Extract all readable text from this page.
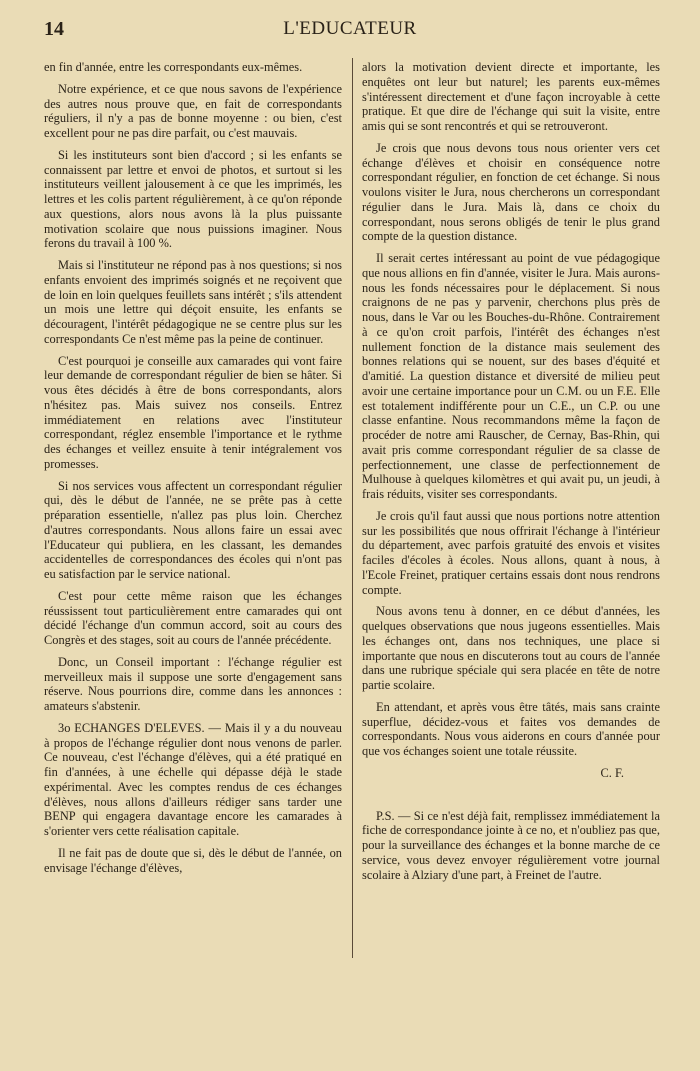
14	L'EDUCATEUR

en fin d'année, entre les correspondants eux-mêmes.

Notre expérience, et ce que nous savons de l'expérience des autres nous prouve que, en fait de correspondants réguliers, il n'y a pas de bonne moyenne : ou bien, c'est excellent pour ne pas dire parfait, ou c'est mauvais.

Si les instituteurs sont bien d'accord ; si les enfants se connaissent par lettre et envoi de photos, et surtout si les instituteurs veillent jalousement à ce que les imprimés, les lettres et les colis partent régulièrement, à ce qu'on réponde aux questions, alors nous avons là la plus puissante motivation scolaire que nous puissions imaginer. Nous ferons du travail à 100 %.

Mais si l'instituteur ne répond pas à nos questions; si nos enfants envoient des imprimés soignés et ne reçoivent que de loin en loin quelques feuillets sans intérêt ; s'ils attendent un mois une lettre qui déçoit ensuite, les enfants se découragent, l'intérêt pédagogique ne se centre plus sur les correspondants Ce n'est même pas la peine de continuer.

C'est pourquoi je conseille aux camarades qui vont faire leur demande de correspondant régulier de bien se hâter. Si vous êtes décidés à être de bons correspondants, alors n'hésitez pas. Mais suivez nos conseils. Entrez immédiatement en relations avec l'instituteur correspondant, réglez ensemble l'importance et le rythme des échanges et veillez ensuite à tenir intégralement vos promesses.

Si nos services vous affectent un correspondant régulier qui, dès le début de l'année, ne se prête pas à cette préparation essentielle, n'allez pas plus loin. Cherchez d'autres correspondants. Nous allons faire un essai avec l'Educateur qui publiera, en les classant, les demandes accidentelles de correspondances des écoles qui n'ont pas eu satisfaction par le service national.

C'est pour cette même raison que les échanges réussissent tout particulièrement entre camarades qui ont décidé l'échange d'un commun accord, soit au cours des Congrès et des stages, soit au cours de l'année précédente.

Donc, un Conseil important : l'échange régulier est merveilleux mais il suppose une sorte d'engagement sans réserve. Nous pourrions dire, comme dans les annonces : amateurs s'abstenir.

3o ECHANGES D'ELEVES. — Mais il y a du nouveau à propos de l'échange régulier dont nous venons de parler. Ce nouveau, c'est l'échange d'élèves, qui a été pratiqué en fin d'années, à une échelle qui dépasse déjà le stade expérimental. Avec les comptes rendus de ces échanges d'élèves, nous allons d'ailleurs rédiger sans tarder une BENP qui engagera davantage encore les camarades à s'orienter vers cette réalisation capitale.

Il ne fait pas de doute que si, dès le début de l'année, on envisage l'échange d'élèves,

alors la motivation devient directe et importante, les enquêtes ont leur but naturel; les parents eux-mêmes s'intéressent directement et d'une façon incroyable à cette pratique. Et que dire de l'échange qui suit la visite, entre amis qui se sont rencontrés et qui se retrouveront.

Je crois que nous devons tous nous orienter vers cet échange d'élèves et choisir en conséquence notre correspondant régulier, en fonction de cet échange. Si nous voulons visiter le Jura, nous chercherons un correspondant régulier dans le Jura. Mais là, dans ce choix du correspondant, nous serons obligés de tenir le plus grand compte de la question distance.

Il serait certes intéressant au point de vue pédagogique que nous allions en fin d'année, visiter le Jura. Mais aurons-nous les fonds nécessaires pour le déplacement. Si nous craignons de ne pas y parvenir, cherchons plus près de nous, dans le Var ou les Bouches-du-Rhône. Contrairement à ce qu'on croit parfois, l'intérêt des échanges n'est nullement fonction de la distance mais seulement des bonnes relations qui se nouent, sur des bases d'équité et d'amitié. La question distance et diversité de milieu peut avoir une certaine importance pour un C.M. ou un F.E. Elle est totalement indifférente pour un C.E., un C.P. ou une classe enfantine. Nous recommandons même la façon de procéder de notre ami Rauscher, de Cernay, Bas-Rhin, qui avait pris comme correspondant régulier de sa classe de perfectionnement, une classe de perfectionnement de Mulhouse à quelques kilomètres et qui avait pu, un jeudi, à frais réduits, visiter ses correspondants.

Je crois qu'il faut aussi que nous portions notre attention sur les possibilités que nous offrirait l'échange à l'intérieur du département, avec parfois gratuité des envois et visites faciles d'écoles à écoles. Nous allons, quant à nous, à l'Ecole Freinet, pratiquer certains essais dont nous rendrons compte.

Nous avons tenu à donner, en ce début d'années, les quelques observations que nous jugeons essentielles. Mais les échanges ont, dans nos techniques, une place si importante que nous en discuterons tout au cours de l'année dans une rubrique spéciale qui sera placée en tête de notre partie scolaire.

En attendant, et après vous être tâtés, mais sans crainte superflue, décidez-vous et faites vos demandes de correspondants. Nous vous aiderons en cours d'année pour que vos échanges soient une totale réussite.

C. F.

P.S. — Si ce n'est déjà fait, remplissez immédiatement la fiche de correspondance jointe à ce no, et n'oubliez pas que, pour la surveillance des échanges et la bonne marche de ce service, vous devez envoyer régulièrement votre journal scolaire à Alziary d'une part, à Freinet de l'autre.
